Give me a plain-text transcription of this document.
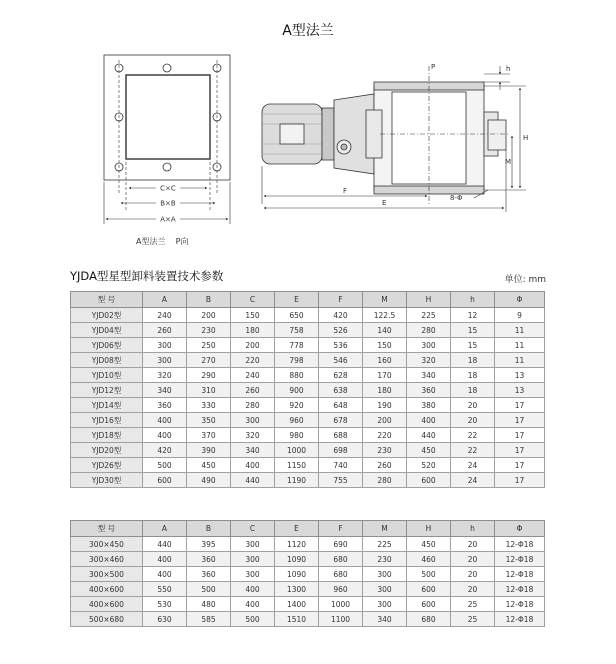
A型法兰
C×C
B×B
A×A
P	h
H
M
F
E
8-Φ
A型法兰    P向
YJDA型星型卸料装置技术参数	单位: mm
型 号	A	B	C	E	F	M	H	h	Φ
YJD02型	240	200	150	650	420	122.5	225	12	9
YJD04型	260	230	180	758	526	140	280	15	11
YJD06型	300	250	200	778	536	150	300	15	11
YJD08型	300	270	220	798	546	160	320	18	11
YJD10型	320	290	240	880	628	170	340	18	13
YJD12型	340	310	260	900	638	180	360	18	13
YJD14型	360	330	280	920	648	190	380	20	17
YJD16型	400	350	300	960	678	200	400	20	17
YJD18型	400	370	320	980	688	220	440	22	17
YJD20型	420	390	340	1000	698	230	450	22	17
YJD26型	500	450	400	1150	740	260	520	24	17
YJD30型	600	490	440	1190	755	280	600	24	17
型 号	A	B	C	E	F	M	H	h	Φ
300×450	440	395	300	1120	690	225	450	20	12-Φ18
300×460	400	360	300	1090	680	230	460	20	12-Φ18
300×500	400	360	300	1090	680	300	500	20	12-Φ18
400×600	550	500	400	1300	960	300	600	20	12-Φ18
400×600	530	480	400	1400	1000	300	600	25	12-Φ18
500×680	630	585	500	1510	1100	340	680	25	12-Φ18
